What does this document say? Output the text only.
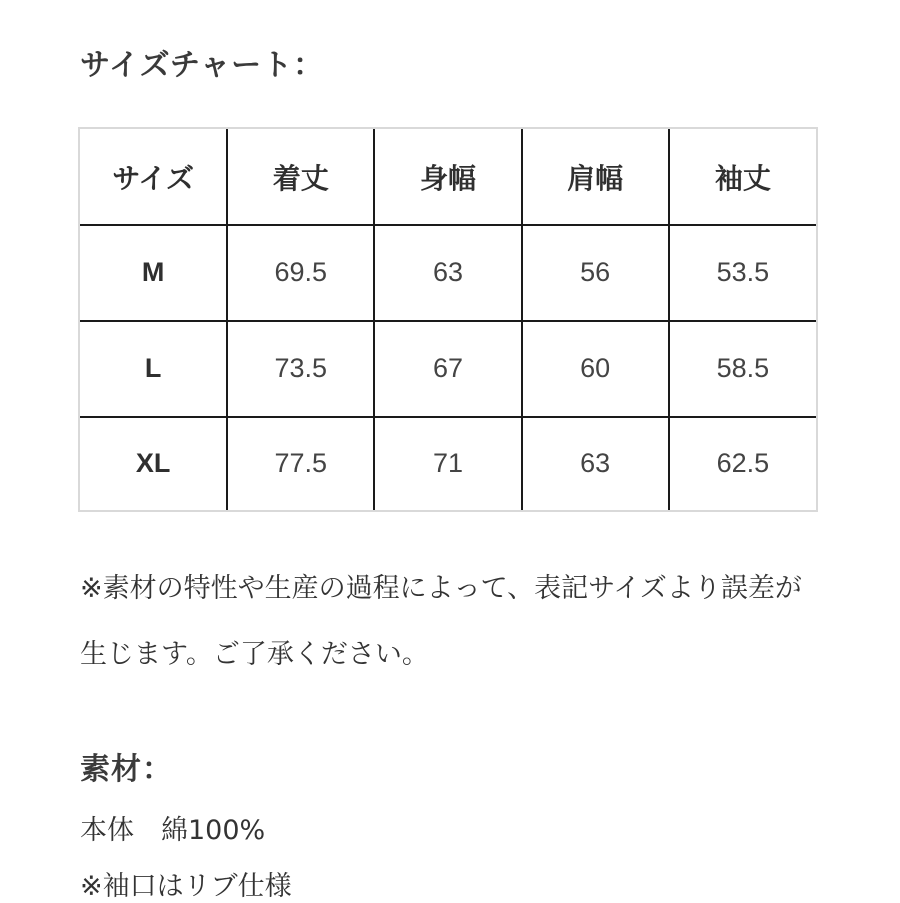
サイズチャート：
サイズ	着丈	身幅	肩幅	袖丈
M	69.5	63	56	53.5
L	73.5	67	60	58.5
XL	77.5	71	63	62.5

※素材の特性や生産の過程によって、表記サイズより誤差が生じます。ご了承ください。

素材：

本体　綿100%

※袖口はリブ仕様
